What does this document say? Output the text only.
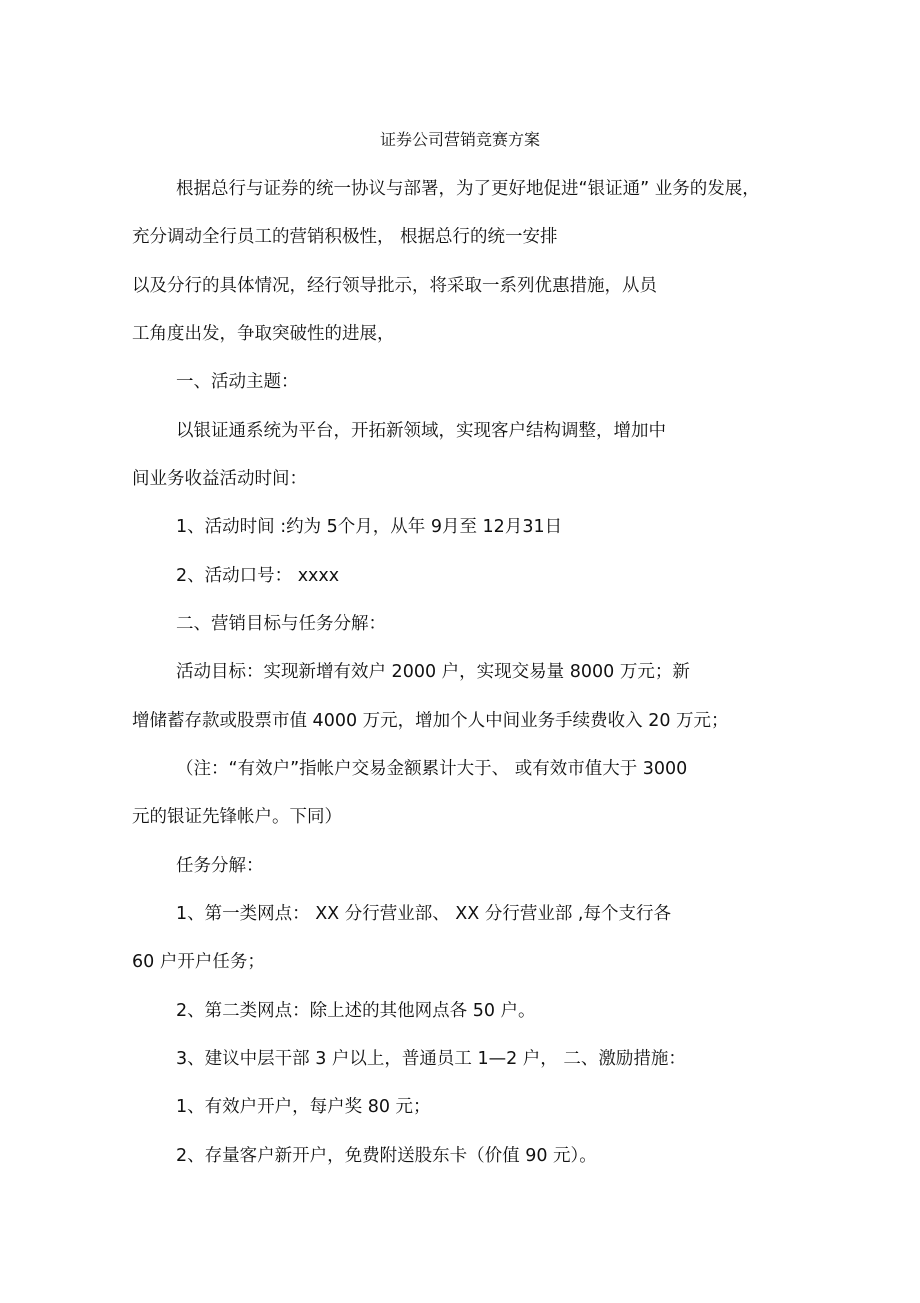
证券公司营销竞赛方案
根据总行与证券的统一协议与部署，为了更好地促进“银证通” 业务的发展，
充分调动全行员工的营销积极性， 根据总行的统一安排
以及分行的具体情况，经行领导批示，将采取一系列优惠措施，从员
工角度出发，争取突破性的进展，
一、活动主题：
以银证通系统为平台，开拓新领域，实现客户结构调整，增加中
间业务收益活动时间：
1、活动时间 :约为 5个月，从年 9月至 12月31日
2、活动口号： xxxx
二、营销目标与任务分解：
活动目标：实现新增有效户 2000 户，实现交易量 8000 万元；新
增储蓄存款或股票市值 4000 万元，增加个人中间业务手续费收入 20 万元；
（注：“有效户”指帐户交易金额累计大于、 或有效市值大于 3000
元的银证先锋帐户。下同）
任务分解：
1、第一类网点： XX 分行营业部、 XX 分行营业部 ,每个支行各
60 户开户任务；
2、第二类网点：除上述的其他网点各 50 户。
3、建议中层干部 3 户以上，普通员工 1—2 户， 二、激励措施：
1、有效户开户，每户奖 80 元；
2、存量客户新开户，免费附送股东卡（价值 90 元）。
